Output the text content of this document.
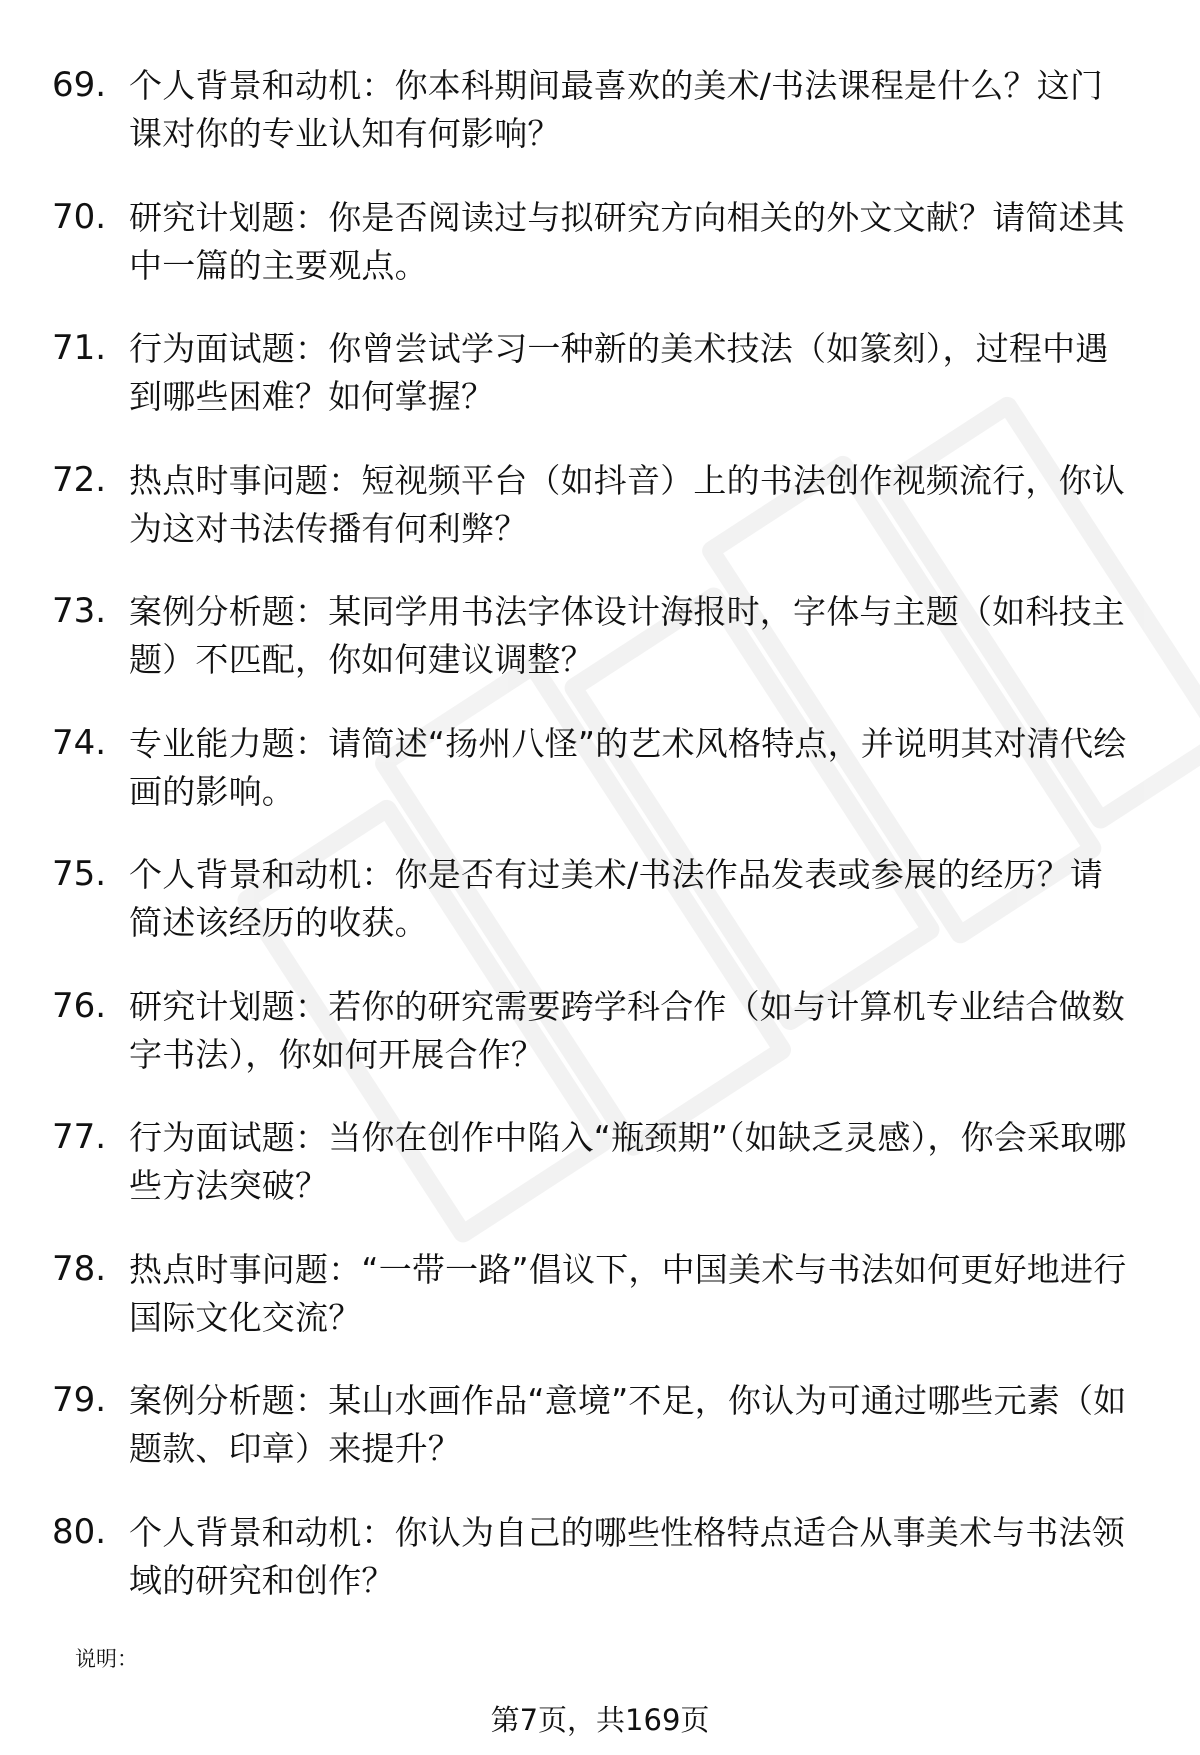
69. 个人背景和动机：你本科期间最喜欢的美术/书法课程是什么？这门课对你的专业认知有何影响？
70. 研究计划题：你是否阅读过与拟研究方向相关的外文文献？请简述其中一篇的主要观点。
71. 行为面试题：你曾尝试学习一种新的美术技法（如篆刻），过程中遇到哪些困难？如何掌握？
72. 热点时事问题：短视频平台（如抖音）上的书法创作视频流行，你认为这对书法传播有何利弊？
73. 案例分析题：某同学用书法字体设计海报时，字体与主题（如科技主题）不匹配，你如何建议调整？
74. 专业能力题：请简述“扬州八怪”的艺术风格特点，并说明其对清代绘画的影响。
75. 个人背景和动机：你是否有过美术/书法作品发表或参展的经历？请简述该经历的收获。
76. 研究计划题：若你的研究需要跨学科合作（如与计算机专业结合做数字书法），你如何开展合作？
77. 行为面试题：当你在创作中陷入“瓶颈期”（如缺乏灵感），你会采取哪些方法突破？
78. 热点时事问题：“一带一路”倡议下，中国美术与书法如何更好地进行国际文化交流？
79. 案例分析题：某山水画作品“意境”不足，你认为可通过哪些元素（如题款、印章）来提升？
80. 个人背景和动机：你认为自己的哪些性格特点适合从事美术与书法领域的研究和创作？
说明：
第7页，共169页
